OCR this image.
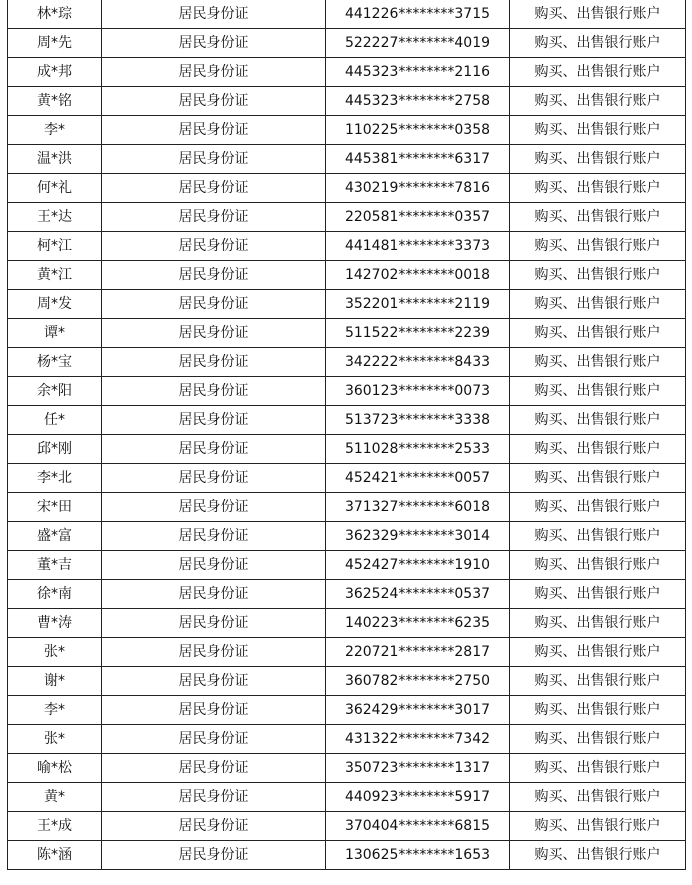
林*琮	居民身份证	441226********3715	购买、出售银行账户
周*先	居民身份证	522227********4019	购买、出售银行账户
成*邦	居民身份证	445323********2116	购买、出售银行账户
黄*铭	居民身份证	445323********2758	购买、出售银行账户
李*	居民身份证	110225********0358	购买、出售银行账户
温*洪	居民身份证	445381********6317	购买、出售银行账户
何*礼	居民身份证	430219********7816	购买、出售银行账户
王*达	居民身份证	220581********0357	购买、出售银行账户
柯*江	居民身份证	441481********3373	购买、出售银行账户
黄*江	居民身份证	142702********0018	购买、出售银行账户
周*发	居民身份证	352201********2119	购买、出售银行账户
谭*	居民身份证	511522********2239	购买、出售银行账户
杨*宝	居民身份证	342222********8433	购买、出售银行账户
余*阳	居民身份证	360123********0073	购买、出售银行账户
任*	居民身份证	513723********3338	购买、出售银行账户
邱*刚	居民身份证	511028********2533	购买、出售银行账户
李*北	居民身份证	452421********0057	购买、出售银行账户
宋*田	居民身份证	371327********6018	购买、出售银行账户
盛*富	居民身份证	362329********3014	购买、出售银行账户
董*吉	居民身份证	452427********1910	购买、出售银行账户
徐*南	居民身份证	362524********0537	购买、出售银行账户
曹*涛	居民身份证	140223********6235	购买、出售银行账户
张*	居民身份证	220721********2817	购买、出售银行账户
谢*	居民身份证	360782********2750	购买、出售银行账户
李*	居民身份证	362429********3017	购买、出售银行账户
张*	居民身份证	431322********7342	购买、出售银行账户
喻*松	居民身份证	350723********1317	购买、出售银行账户
黄*	居民身份证	440923********5917	购买、出售银行账户
王*成	居民身份证	370404********6815	购买、出售银行账户
陈*涵	居民身份证	130625********1653	购买、出售银行账户
